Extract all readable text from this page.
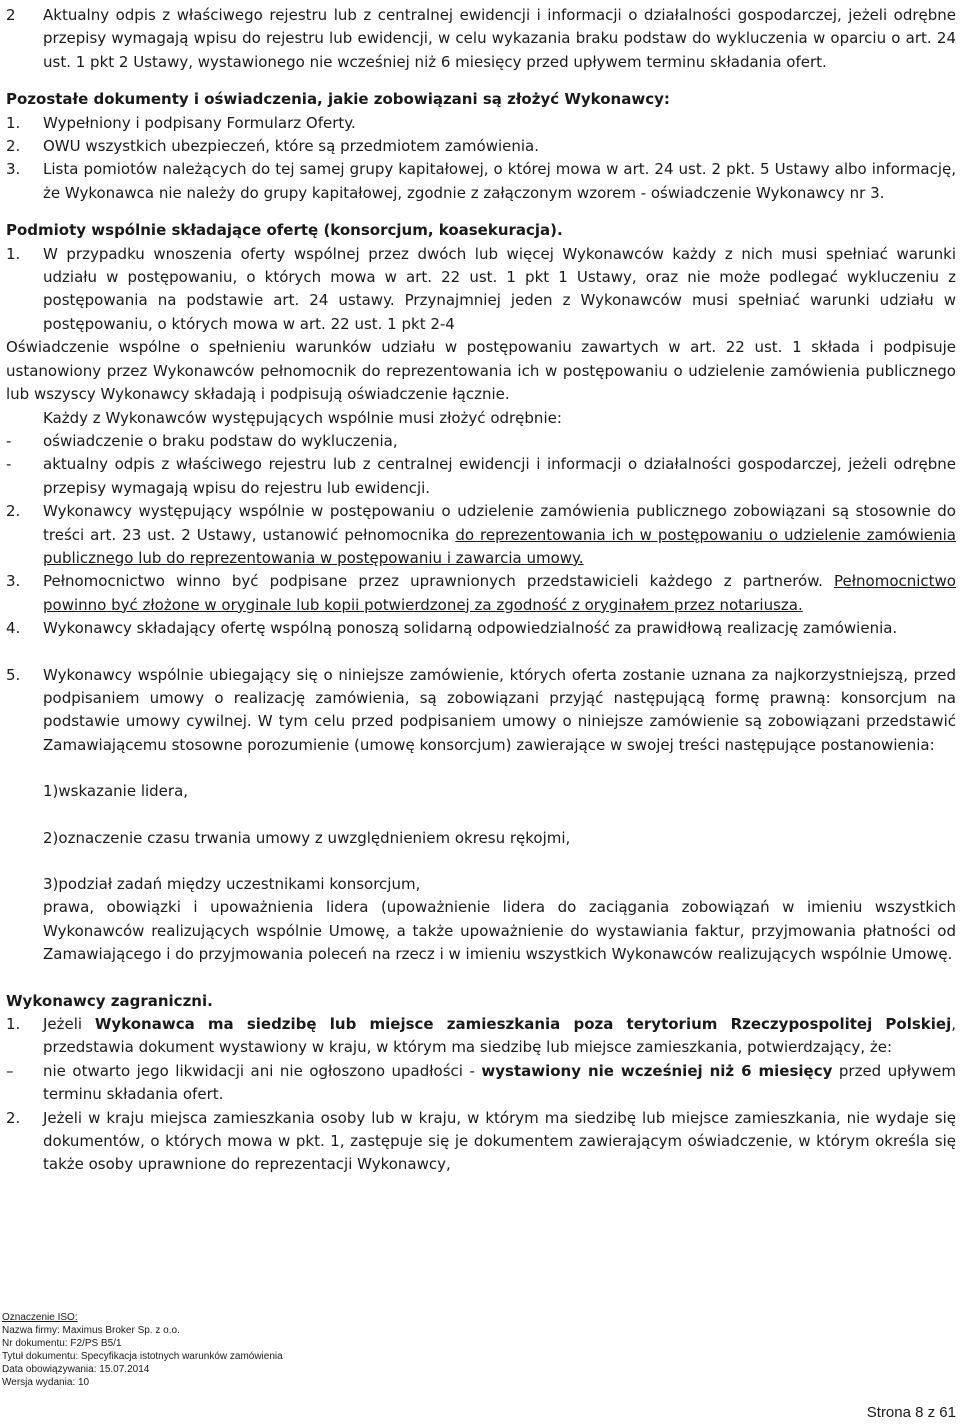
2 Aktualny odpis z właściwego rejestru lub z centralnej ewidencji i informacji o działalności gospodarczej, jeżeli odrębne przepisy wymagają wpisu do rejestru lub ewidencji, w celu wykazania braku podstaw do wykluczenia w oparciu o art. 24 ust. 1 pkt 2 Ustawy, wystawionego nie wcześniej niż 6 miesięcy przed upływem terminu składania ofert.

Pozostałe dokumenty i oświadczenia, jakie zobowiązani są złożyć Wykonawcy:

1. Wypełniony i podpisany Formularz Oferty.

2. OWU wszystkich ubezpieczeń, które są przedmiotem zamówienia.

3. Lista pomiotów należących do tej samej grupy kapitałowej, o której mowa w art. 24 ust. 2 pkt. 5 Ustawy albo informację, że Wykonawca nie należy do grupy kapitałowej, zgodnie z załączonym wzorem - oświadczenie Wykonawcy nr 3.

Podmioty wspólnie składające ofertę (konsorcjum, koasekuracja).

1. W przypadku wnoszenia oferty wspólnej przez dwóch lub więcej Wykonawców każdy z nich musi spełniać warunki udziału w postępowaniu, o których mowa w art. 22 ust. 1 pkt 1 Ustawy, oraz nie może podlegać wykluczeniu z postępowania na podstawie art. 24 ustawy. Przynajmniej jeden z Wykonawców musi spełniać warunki udziału w postępowaniu, o których mowa w art. 22 ust. 1 pkt 2-4

Oświadczenie wspólne o spełnieniu warunków udziału w postępowaniu zawartych w art. 22 ust. 1 składa i podpisuje ustanowiony przez Wykonawców pełnomocnik do reprezentowania ich w postępowaniu o udzielenie zamówienia publicznego lub wszyscy Wykonawcy składają i podpisują oświadczenie łącznie.

Każdy z Wykonawców występujących wspólnie musi złożyć odrębnie:

- oświadczenie o braku podstaw do wykluczenia,

- aktualny odpis z właściwego rejestru lub z centralnej ewidencji i informacji o działalności gospodarczej, jeżeli odrębne przepisy wymagają wpisu do rejestru lub ewidencji.

2. Wykonawcy występujący wspólnie w postępowaniu o udzielenie zamówienia publicznego zobowiązani są stosownie do treści art. 23 ust. 2 Ustawy, ustanowić pełnomocnika do reprezentowania ich w postępowaniu o udzielenie zamówienia publicznego lub do reprezentowania w postępowaniu i zawarcia umowy.

3. Pełnomocnictwo winno być podpisane przez uprawnionych przedstawicieli każdego z partnerów. Pełnomocnictwo powinno być złożone w oryginale lub kopii potwierdzonej za zgodność z oryginałem przez notariusza.

4. Wykonawcy składający ofertę wspólną ponoszą solidarną odpowiedzialność za prawidłową realizację zamówienia.

5. Wykonawcy wspólnie ubiegający się o niniejsze zamówienie, których oferta zostanie uznana za najkorzystniejszą, przed podpisaniem umowy o realizację zamówienia, są zobowiązani przyjąć następującą formę prawną: konsorcjum na podstawie umowy cywilnej. W tym celu przed podpisaniem umowy o niniejsze zamówienie są zobowiązani przedstawić Zamawiającemu stosowne porozumienie (umowę konsorcjum) zawierające w swojej treści następujące postanowienia:

1)wskazanie lidera,

2)oznaczenie czasu trwania umowy z uwzględnieniem okresu rękojmi,

3)podział zadań między uczestnikami konsorcjum,

prawa, obowiązki i upoważnienia lidera (upoważnienie lidera do zaciągania zobowiązań w imieniu wszystkich Wykonawców realizujących wspólnie Umowę, a także upoważnienie do wystawiania faktur, przyjmowania płatności od Zamawiającego i do przyjmowania poleceń na rzecz i w imieniu wszystkich Wykonawców realizujących wspólnie Umowę.

Wykonawcy zagraniczni.

1. Jeżeli Wykonawca ma siedzibę lub miejsce zamieszkania poza terytorium Rzeczypospolitej Polskiej, przedstawia dokument wystawiony w kraju, w którym ma siedzibę lub miejsce zamieszkania, potwierdzający, że:

– nie otwarto jego likwidacji ani nie ogłoszono upadłości - wystawiony nie wcześniej niż 6 miesięcy przed upływem terminu składania ofert.

2. Jeżeli w kraju miejsca zamieszkania osoby lub w kraju, w którym ma siedzibę lub miejsce zamieszkania, nie wydaje się dokumentów, o których mowa w pkt. 1, zastępuje się je dokumentem zawierającym oświadczenie, w którym określa się także osoby uprawnione do reprezentacji Wykonawcy,

Oznaczenie ISO:
Nazwa firmy: Maximus Broker Sp. z o.o.
Nr dokumentu: F2/PS B5/1
Tytuł dokumentu: Specyfikacja istotnych warunków zamówienia
Data obowiązywania: 15.07.2014
Wersja wydania: 10
Strona 8 z 61
